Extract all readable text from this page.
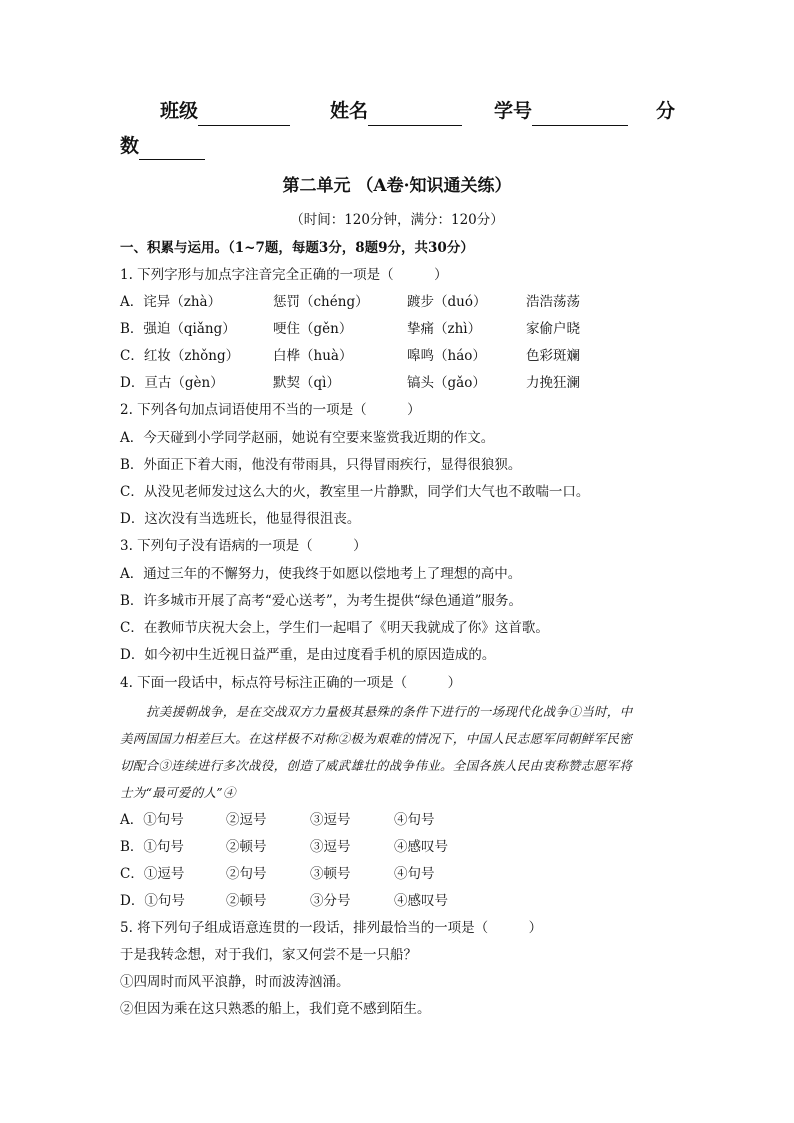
班级	姓名	学号	分
数
第二单元 （A卷·知识通关练）
（时间：120分钟，满分：120分）
一、积累与运用。（1~7题，每题3分，8题9分，共30分）
1. 下列字形与加点字注音完全正确的一项是（　　　）
A．诧异（zhà）	惩罚（chéng）	踱步（duó）	浩浩荡荡
B．强迫（qiǎng）	哽住（gěn）	挚痛（zhì）	家偷户晓
C．红妆（zhǒng）	白桦（huà）	嗥鸣（háo）	色彩斑斓
D．亘古（gèn）	默契（qì）	镐头（gǎo）	力挽狂澜
2. 下列各句加点词语使用不当的一项是（　　　）
A．今天碰到小学同学赵丽，她说有空要来鉴赏我近期的作文。
B．外面正下着大雨，他没有带雨具，只得冒雨疾行，显得很狼狈。
C．从没见老师发过这么大的火，教室里一片静默，同学们大气也不敢喘一口。
D．这次没有当选班长，他显得很沮丧。
3. 下列句子没有语病的一项是（　　　）
A．通过三年的不懈努力，使我终于如愿以偿地考上了理想的高中。
B．许多城市开展了高考“爱心送考”，为考生提供“绿色通道”服务。
C．在教师节庆祝大会上，学生们一起唱了《明天我就成了你》这首歌。
D．如今初中生近视日益严重，是由过度看手机的原因造成的。
4. 下面一段话中，标点符号标注正确的一项是（　　　）
抗美援朝战争，是在交战双方力量极其悬殊的条件下进行的一场现代化战争①当时，中
美两国国力相差巨大。在这样极不对称②极为艰难的情况下，中国人民志愿军同朝鲜军民密
切配合③连续进行多次战役，创造了威武雄壮的战争伟业。全国各族人民由衷称赞志愿军将
士为“最可爱的人”④
A．①句号	②逗号	③逗号	④句号
B．①句号	②顿号	③逗号	④感叹号
C．①逗号	②句号	③顿号	④句号
D．①句号	②顿号	③分号	④感叹号
5. 将下列句子组成语意连贯的一段话，排列最恰当的一项是（　　　）
于是我转念想，对于我们，家又何尝不是一只船？
①四周时而风平浪静，时而波涛汹涌。
②但因为乘在这只熟悉的船上，我们竟不感到陌生。
